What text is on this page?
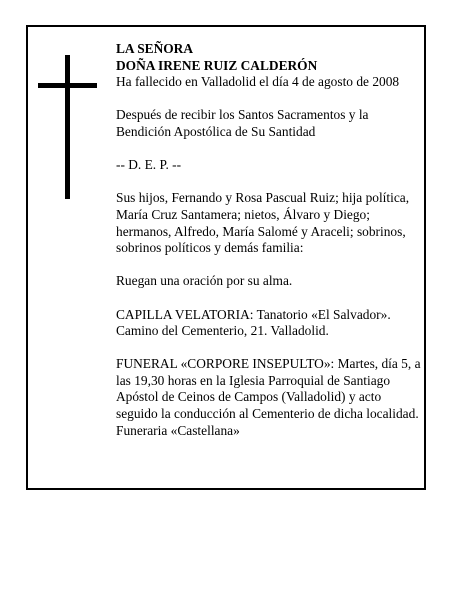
LA SEÑORA

DOÑA IRENE RUIZ CALDERÓN

Ha fallecido en Valladolid el día 4 de agosto de 2008

Después de recibir los Santos Sacramentos y la

Bendición Apostólica de Su Santidad

-- D. E. P. --

Sus hijos, Fernando y Rosa Pascual Ruiz; hija política,

María Cruz Santamera; nietos, Álvaro y Diego;

hermanos, Alfredo, María Salomé y Araceli; sobrinos,

sobrinos políticos y demás familia:

Ruegan una oración por su alma.

CAPILLA VELATORIA: Tanatorio «El Salvador».

Camino del Cementerio, 21. Valladolid.

FUNERAL «CORPORE INSEPULTO»: Martes, día 5, a

las 19,30 horas en la Iglesia Parroquial de Santiago

Apóstol de Ceinos de Campos (Valladolid) y acto

seguido la conducción al Cementerio de dicha localidad.

Funeraria «Castellana»
